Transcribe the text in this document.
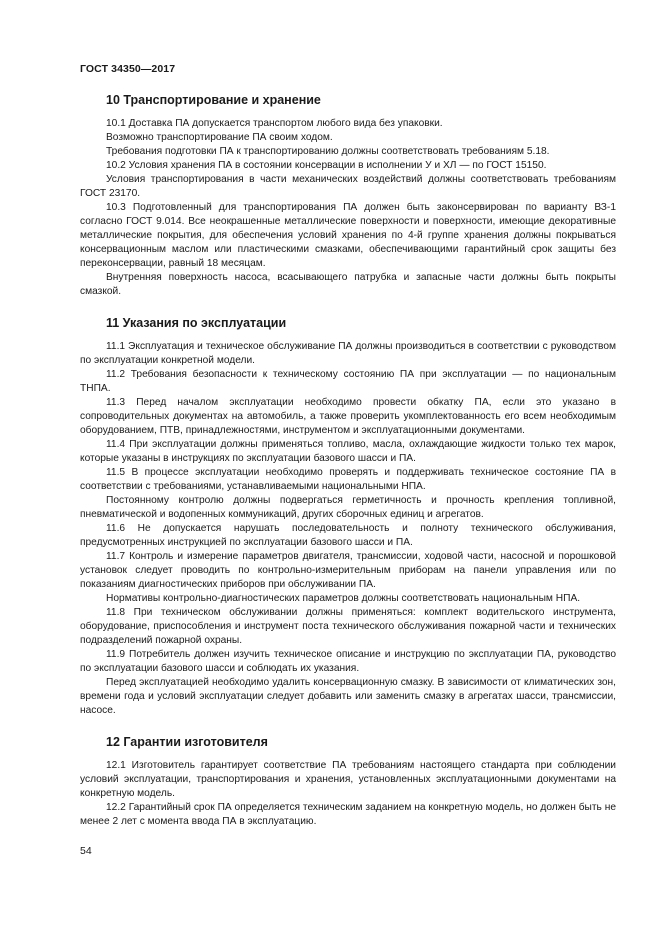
ГОСТ 34350—2017
10 Транспортирование и хранение

10.1 Доставка ПА допускается транспортом любого вида без упаковки.

Возможно транспортирование ПА своим ходом.

Требования подготовки ПА к транспортированию должны соответствовать требованиям 5.18.

10.2 Условия хранения ПА в состоянии консервации в исполнении У и ХЛ — по ГОСТ 15150.

Условия транспортирования в части механических воздействий должны соответствовать требованиям ГОСТ 23170.

10.3 Подготовленный для транспортирования ПА должен быть законсервирован по варианту ВЗ-1 согласно ГОСТ 9.014. Все неокрашенные металлические поверхности и поверхности, имеющие декоративные металлические покрытия, для обеспечения условий хранения по 4-й группе хранения должны покрываться консервационным маслом или пластическими смазками, обеспечивающими гарантийный срок защиты без переконсервации, равный 18 месяцам.

Внутренняя поверхность насоса, всасывающего патрубка и запасные части должны быть покрыты смазкой.

11 Указания по эксплуатации

11.1 Эксплуатация и техническое обслуживание ПА должны производиться в соответствии с руководством по эксплуатации конкретной модели.

11.2 Требования безопасности к техническому состоянию ПА при эксплуатации — по национальным ТНПА.

11.3 Перед началом эксплуатации необходимо провести обкатку ПА, если это указано в сопроводительных документах на автомобиль, а также проверить укомплектованность его всем необходимым оборудованием, ПТВ, принадлежностями, инструментом и эксплуатационными документами.

11.4 При эксплуатации должны применяться топливо, масла, охлаждающие жидкости только тех марок, которые указаны в инструкциях по эксплуатации базового шасси и ПА.

11.5 В процессе эксплуатации необходимо проверять и поддерживать техническое состояние ПА в соответствии с требованиями, устанавливаемыми национальными НПА.

Постоянному контролю должны подвергаться герметичность и прочность крепления топливной, пневматической и водопенных коммуникаций, других сборочных единиц и агрегатов.

11.6 Не допускается нарушать последовательность и полноту технического обслуживания, предусмотренных инструкцией по эксплуатации базового шасси и ПА.

11.7 Контроль и измерение параметров двигателя, трансмиссии, ходовой части, насосной и порошковой установок следует проводить по контрольно-измерительным приборам на панели управления или по показаниям диагностических приборов при обслуживании ПА.

Нормативы контрольно-диагностических параметров должны соответствовать национальным НПА.

11.8 При техническом обслуживании должны применяться: комплект водительского инструмента, оборудование, приспособления и инструмент поста технического обслуживания пожарной части и технических подразделений пожарной охраны.

11.9 Потребитель должен изучить техническое описание и инструкцию по эксплуатации ПА, руководство по эксплуатации базового шасси и соблюдать их указания.

Перед эксплуатацией необходимо удалить консервационную смазку. В зависимости от климатических зон, времени года и условий эксплуатации следует добавить или заменить смазку в агрегатах шасси, трансмиссии, насосе.

12 Гарантии изготовителя

12.1 Изготовитель гарантирует соответствие ПА требованиям настоящего стандарта при соблюдении условий эксплуатации, транспортирования и хранения, установленных эксплуатационными документами на конкретную модель.

12.2 Гарантийный срок ПА определяется техническим заданием на конкретную модель, но должен быть не менее 2 лет с момента ввода ПА в эксплуатацию.

54
